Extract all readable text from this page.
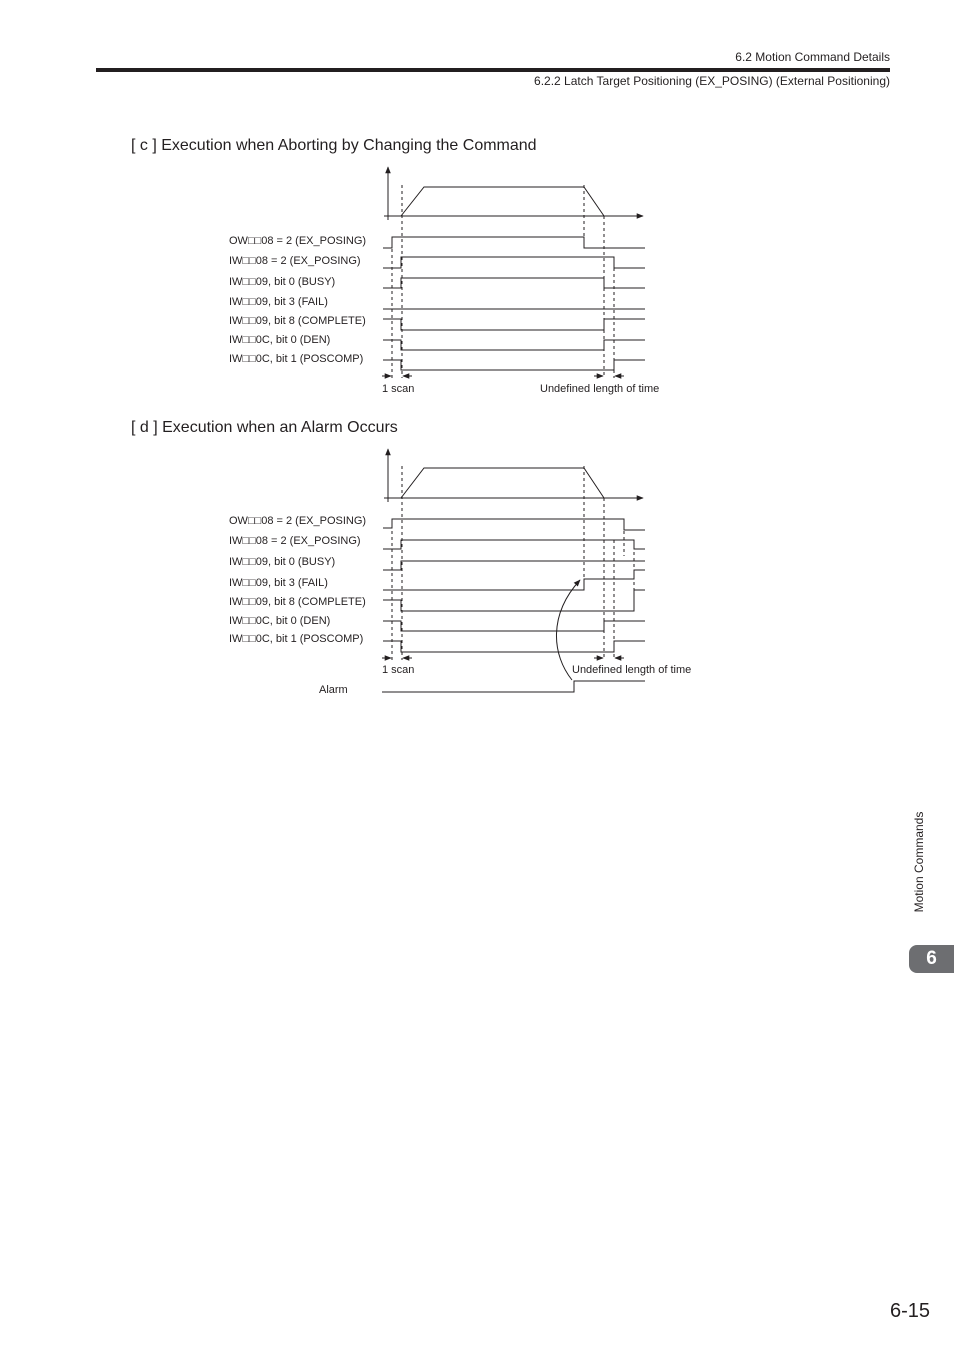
6.2 Motion Command Details
6.2.2 Latch Target Positioning (EX_POSING) (External Positioning)
[ c ] Execution when Aborting by Changing the Command
OW□□08 = 2 (EX_POSING)
IW□□08 = 2 (EX_POSING)
IW□□09, bit 0 (BUSY)
IW□□09, bit 3 (FAIL)
IW□□09, bit 8 (COMPLETE)
IW□□0C, bit 0 (DEN)
IW□□0C, bit 1 (POSCOMP)
1 scan	Undefined length of time
[ d ] Execution when an Alarm Occurs
OW□□08 = 2 (EX_POSING)
IW□□08 = 2 (EX_POSING)
IW□□09, bit 0 (BUSY)
IW□□09, bit 3 (FAIL)
IW□□09, bit 8 (COMPLETE)
IW□□0C, bit 0 (DEN)
IW□□0C, bit 1 (POSCOMP)
1 scan	Undefined length of time
Alarm
Motion Commands
6
6-15
